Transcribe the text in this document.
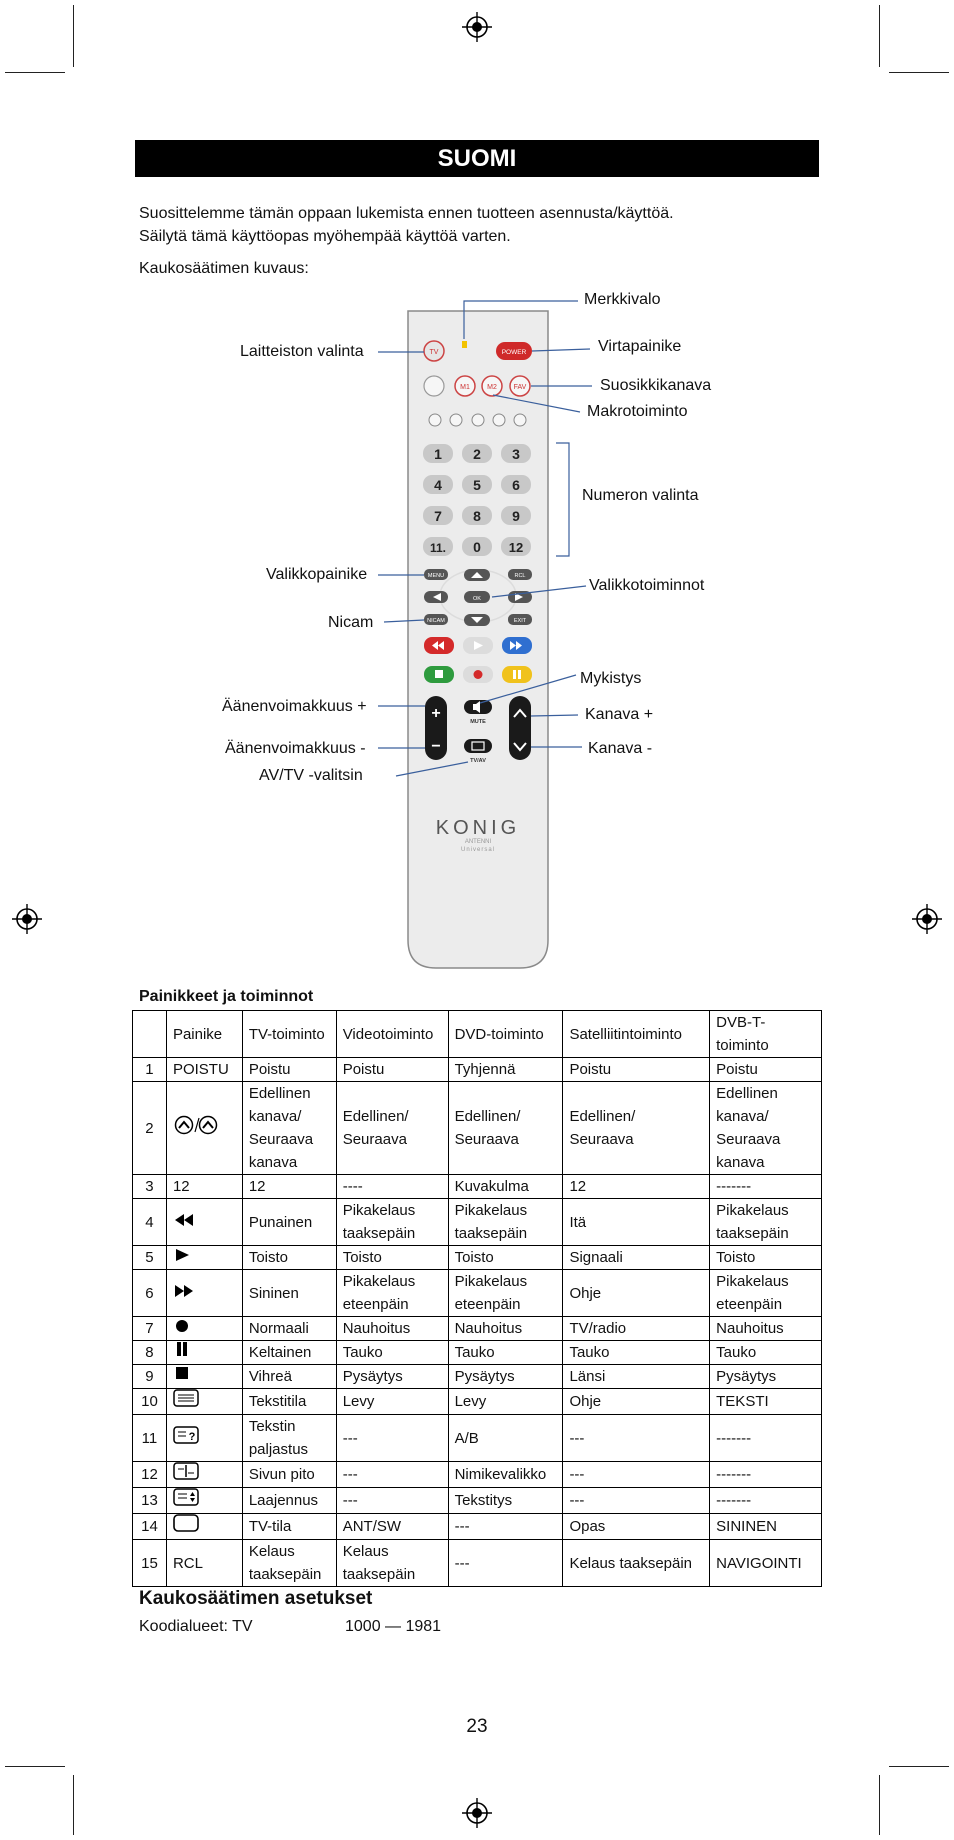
SUOMI
Suosittelemme tämän oppaan lukemista ennen tuotteen asennusta/käyttöä.
Säilytä tämä käyttöopas myöhempää käyttöä varten.
Kaukosäätimen kuvaus:
TV	POWER
M1 M2 FAV
1 2 3
4 5 6
7 8 9
11. 0 12
MENU	RCL
OK
NICAM	EXIT
+
−
MUTE
TV/AV
KONIG
ANTENNI
Universal
Merkkivalo
Laitteiston valinta	Virtapainike
Suosikkikanava
Makrotoiminto
Numeron valinta
Valikkopainike
Valikkotoiminnot
Nicam
Mykistys
Äänenvoimakkuus +	Kanava +
Äänenvoimakkuus -	Kanava -
AV/TV -valitsin
Painikkeet ja toiminnot
	Painike	TV-toiminto	Videotoiminto	DVD-toiminto	Satelliitintoiminto	DVB-T-toiminto
1	POISTU	Poistu	Poistu	Tyhjennä	Poistu	Poistu
2		Edellinen kanava/ Seuraava kanava	Edellinen/ Seuraava	Edellinen/ Seuraava	Edellinen/ Seuraava	Edellinen kanava/ Seuraava kanava
3	12	12	----	Kuvakulma	12	-------
4		Punainen	Pikakelaus taaksepäin	Pikakelaus taaksepäin	Itä	Pikakelaus taaksepäin
5		Toisto	Toisto	Toisto	Signaali	Toisto
6		Sininen	Pikakelaus eteenpäin	Pikakelaus eteenpäin	Ohje	Pikakelaus eteenpäin
7		Normaali	Nauhoitus	Nauhoitus	TV/radio	Nauhoitus
8		Keltainen	Tauko	Tauko	Tauko	Tauko
9		Vihreä	Pysäytys	Pysäytys	Länsi	Pysäytys
10		Tekstitila	Levy	Levy	Ohje	TEKSTI
11	?	Tekstin paljastus	---	A/B	---	-------
12		Sivun pito	---	Nimikevalikko	---	-------
13		Laajennus	---	Tekstitys	---	-------
14		TV-tila	ANT/SW	---	Opas	SININEN
15	RCL	Kelaus taaksepäin	Kelaus taaksepäin	---	Kelaus taaksepäin	NAVIGOINTI
Kaukosäätimen asetukset
Koodialueet: TV	1000 — 1981
23
